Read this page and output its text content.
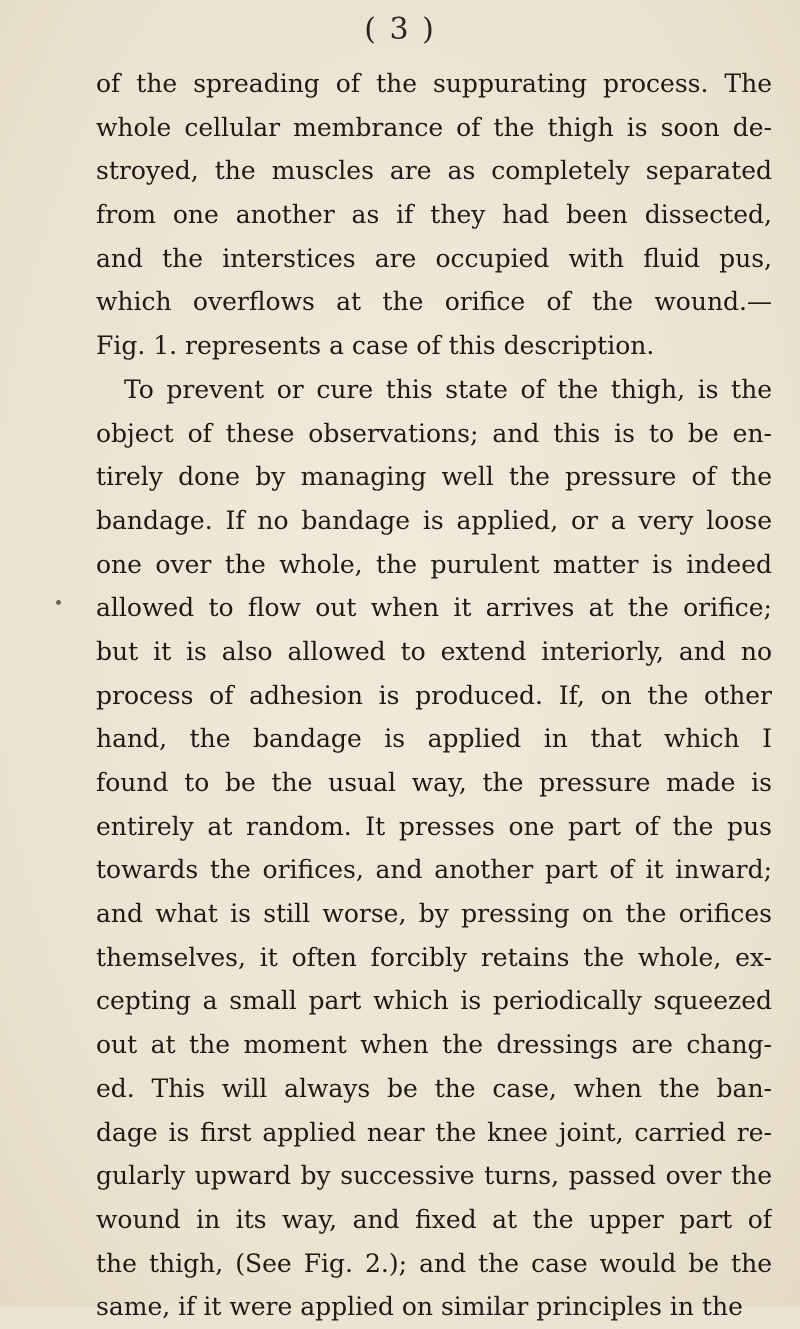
( 3 )
of the spreading of the suppurating process. The
whole cellular membrance of the thigh is soon de-
stroyed, the muscles are as completely separated
from one another as if they had been dissected,
and the interstices are occupied with fluid pus,
which overflows at the orifice of the wound.—
Fig. 1. represents a case of this description.
To prevent or cure this state of the thigh, is the
object of these observations; and this is to be en-
tirely done by managing well the pressure of the
bandage. If no bandage is applied, or a very loose
one over the whole, the purulent matter is indeed
allowed to flow out when it arrives at the orifice;
but it is also allowed to extend interiorly, and no
process of adhesion is produced. If, on the other
hand, the bandage is applied in that which I
found to be the usual way, the pressure made is
entirely at random. It presses one part of the pus
towards the orifices, and another part of it inward;
and what is still worse, by pressing on the orifices
themselves, it often forcibly retains the whole, ex-
cepting a small part which is periodically squeezed
out at the moment when the dressings are chang-
ed. This will always be the case, when the ban-
dage is first applied near the knee joint, carried re-
gularly upward by successive turns, passed over the
wound in its way, and fixed at the upper part of
the thigh, (See Fig. 2.); and the case would be the
same, if it were applied on similar principles in the
